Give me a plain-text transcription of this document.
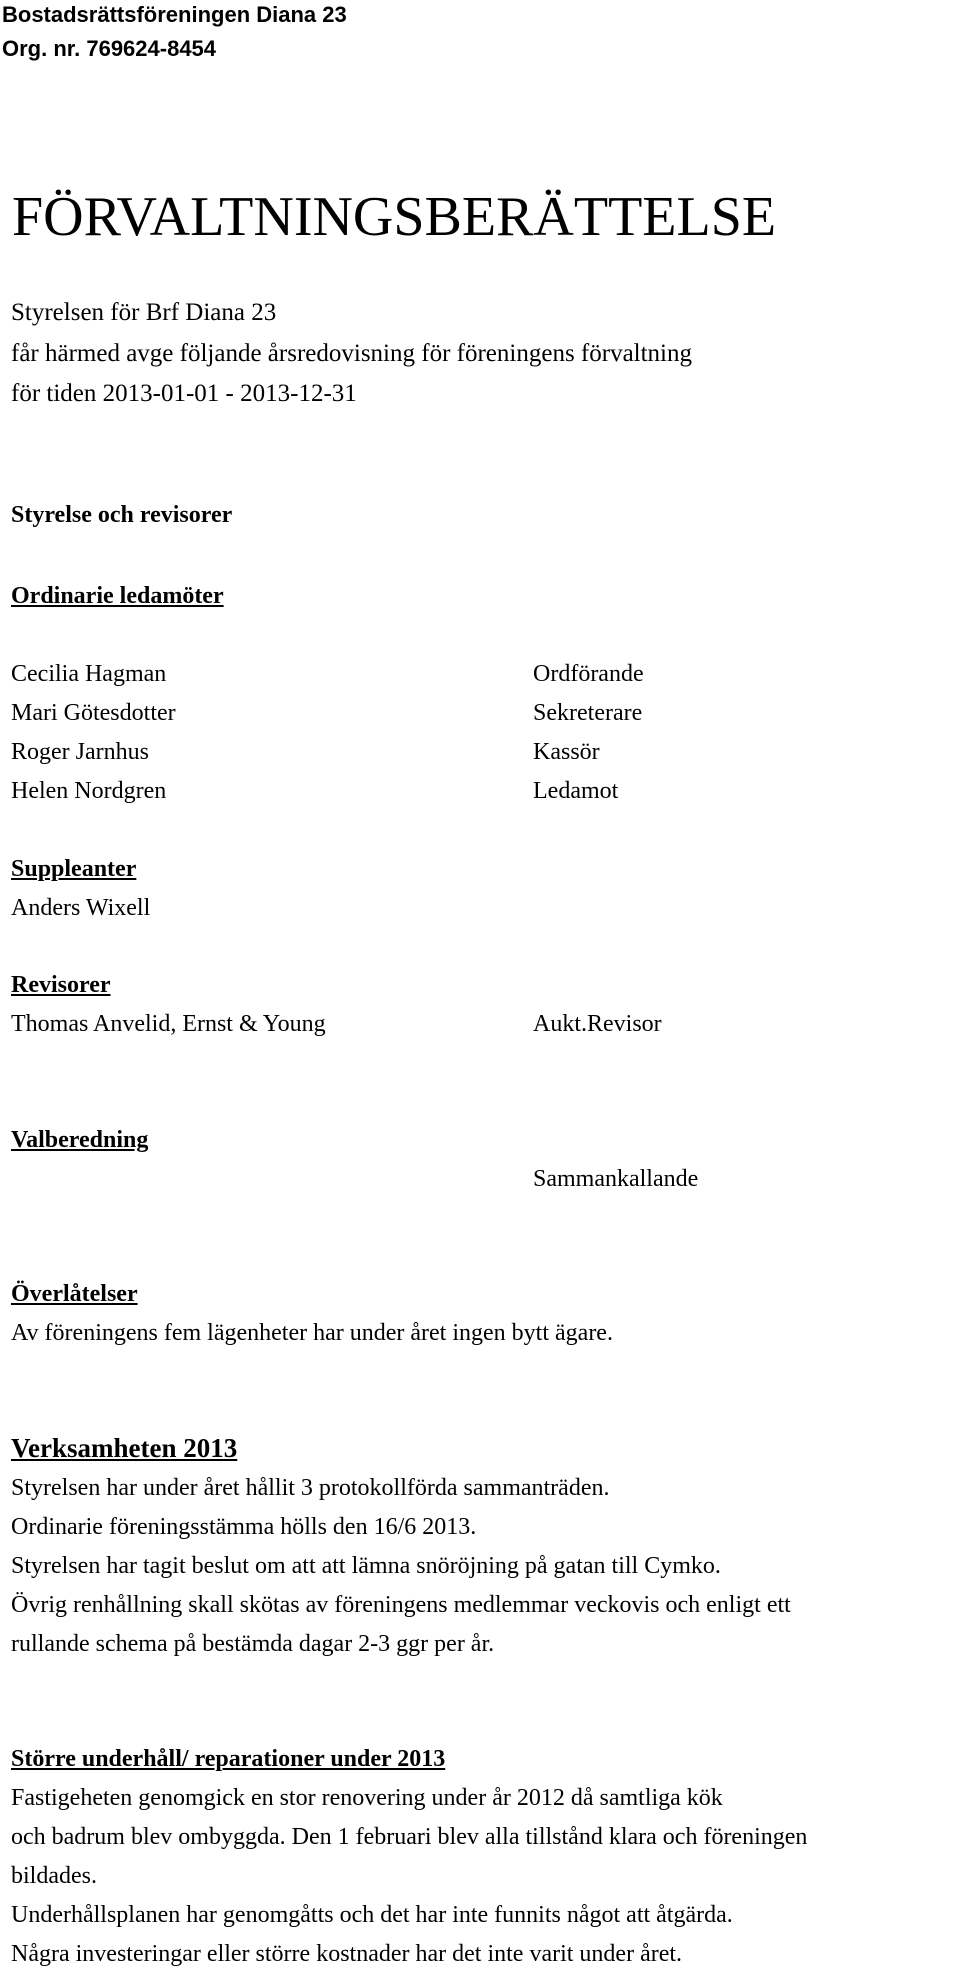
Bostadsrättsföreningen Diana 23
Org. nr. 769624-8454
FÖRVALTNINGSBERÄTTELSE
Styrelsen för Brf Diana 23
får härmed avge följande årsredovisning för föreningens förvaltning
för tiden 2013-01-01 - 2013-12-31
Styrelse och revisorer
Ordinarie ledamöter
Cecilia Hagman	Ordförande
Mari Götesdotter	Sekreterare
Roger Jarnhus	Kassör
Helen Nordgren	Ledamot
Suppleanter
Anders Wixell
Revisorer
Thomas Anvelid, Ernst & Young	Aukt.Revisor
Valberedning
Sammankallande
Överlåtelser
Av föreningens fem lägenheter har under året ingen bytt ägare.
Verksamheten 2013
Styrelsen har under året hållit 3 protokollförda sammanträden.
Ordinarie föreningsstämma hölls den 16/6 2013.
Styrelsen har tagit beslut om att att lämna snöröjning på gatan till Cymko.
Övrig renhållning skall skötas av föreningens medlemmar veckovis och enligt ett
rullande schema på bestämda dagar 2-3 ggr per år.
Större underhåll/ reparationer under 2013
Fastigeheten genomgick en stor renovering under år 2012 då samtliga kök
och badrum blev ombyggda. Den 1 februari blev alla tillstånd klara och föreningen
bildades.
Underhållsplanen har genomgåtts och det har inte funnits något att åtgärda.
Några investeringar eller större kostnader har det inte varit under året.
